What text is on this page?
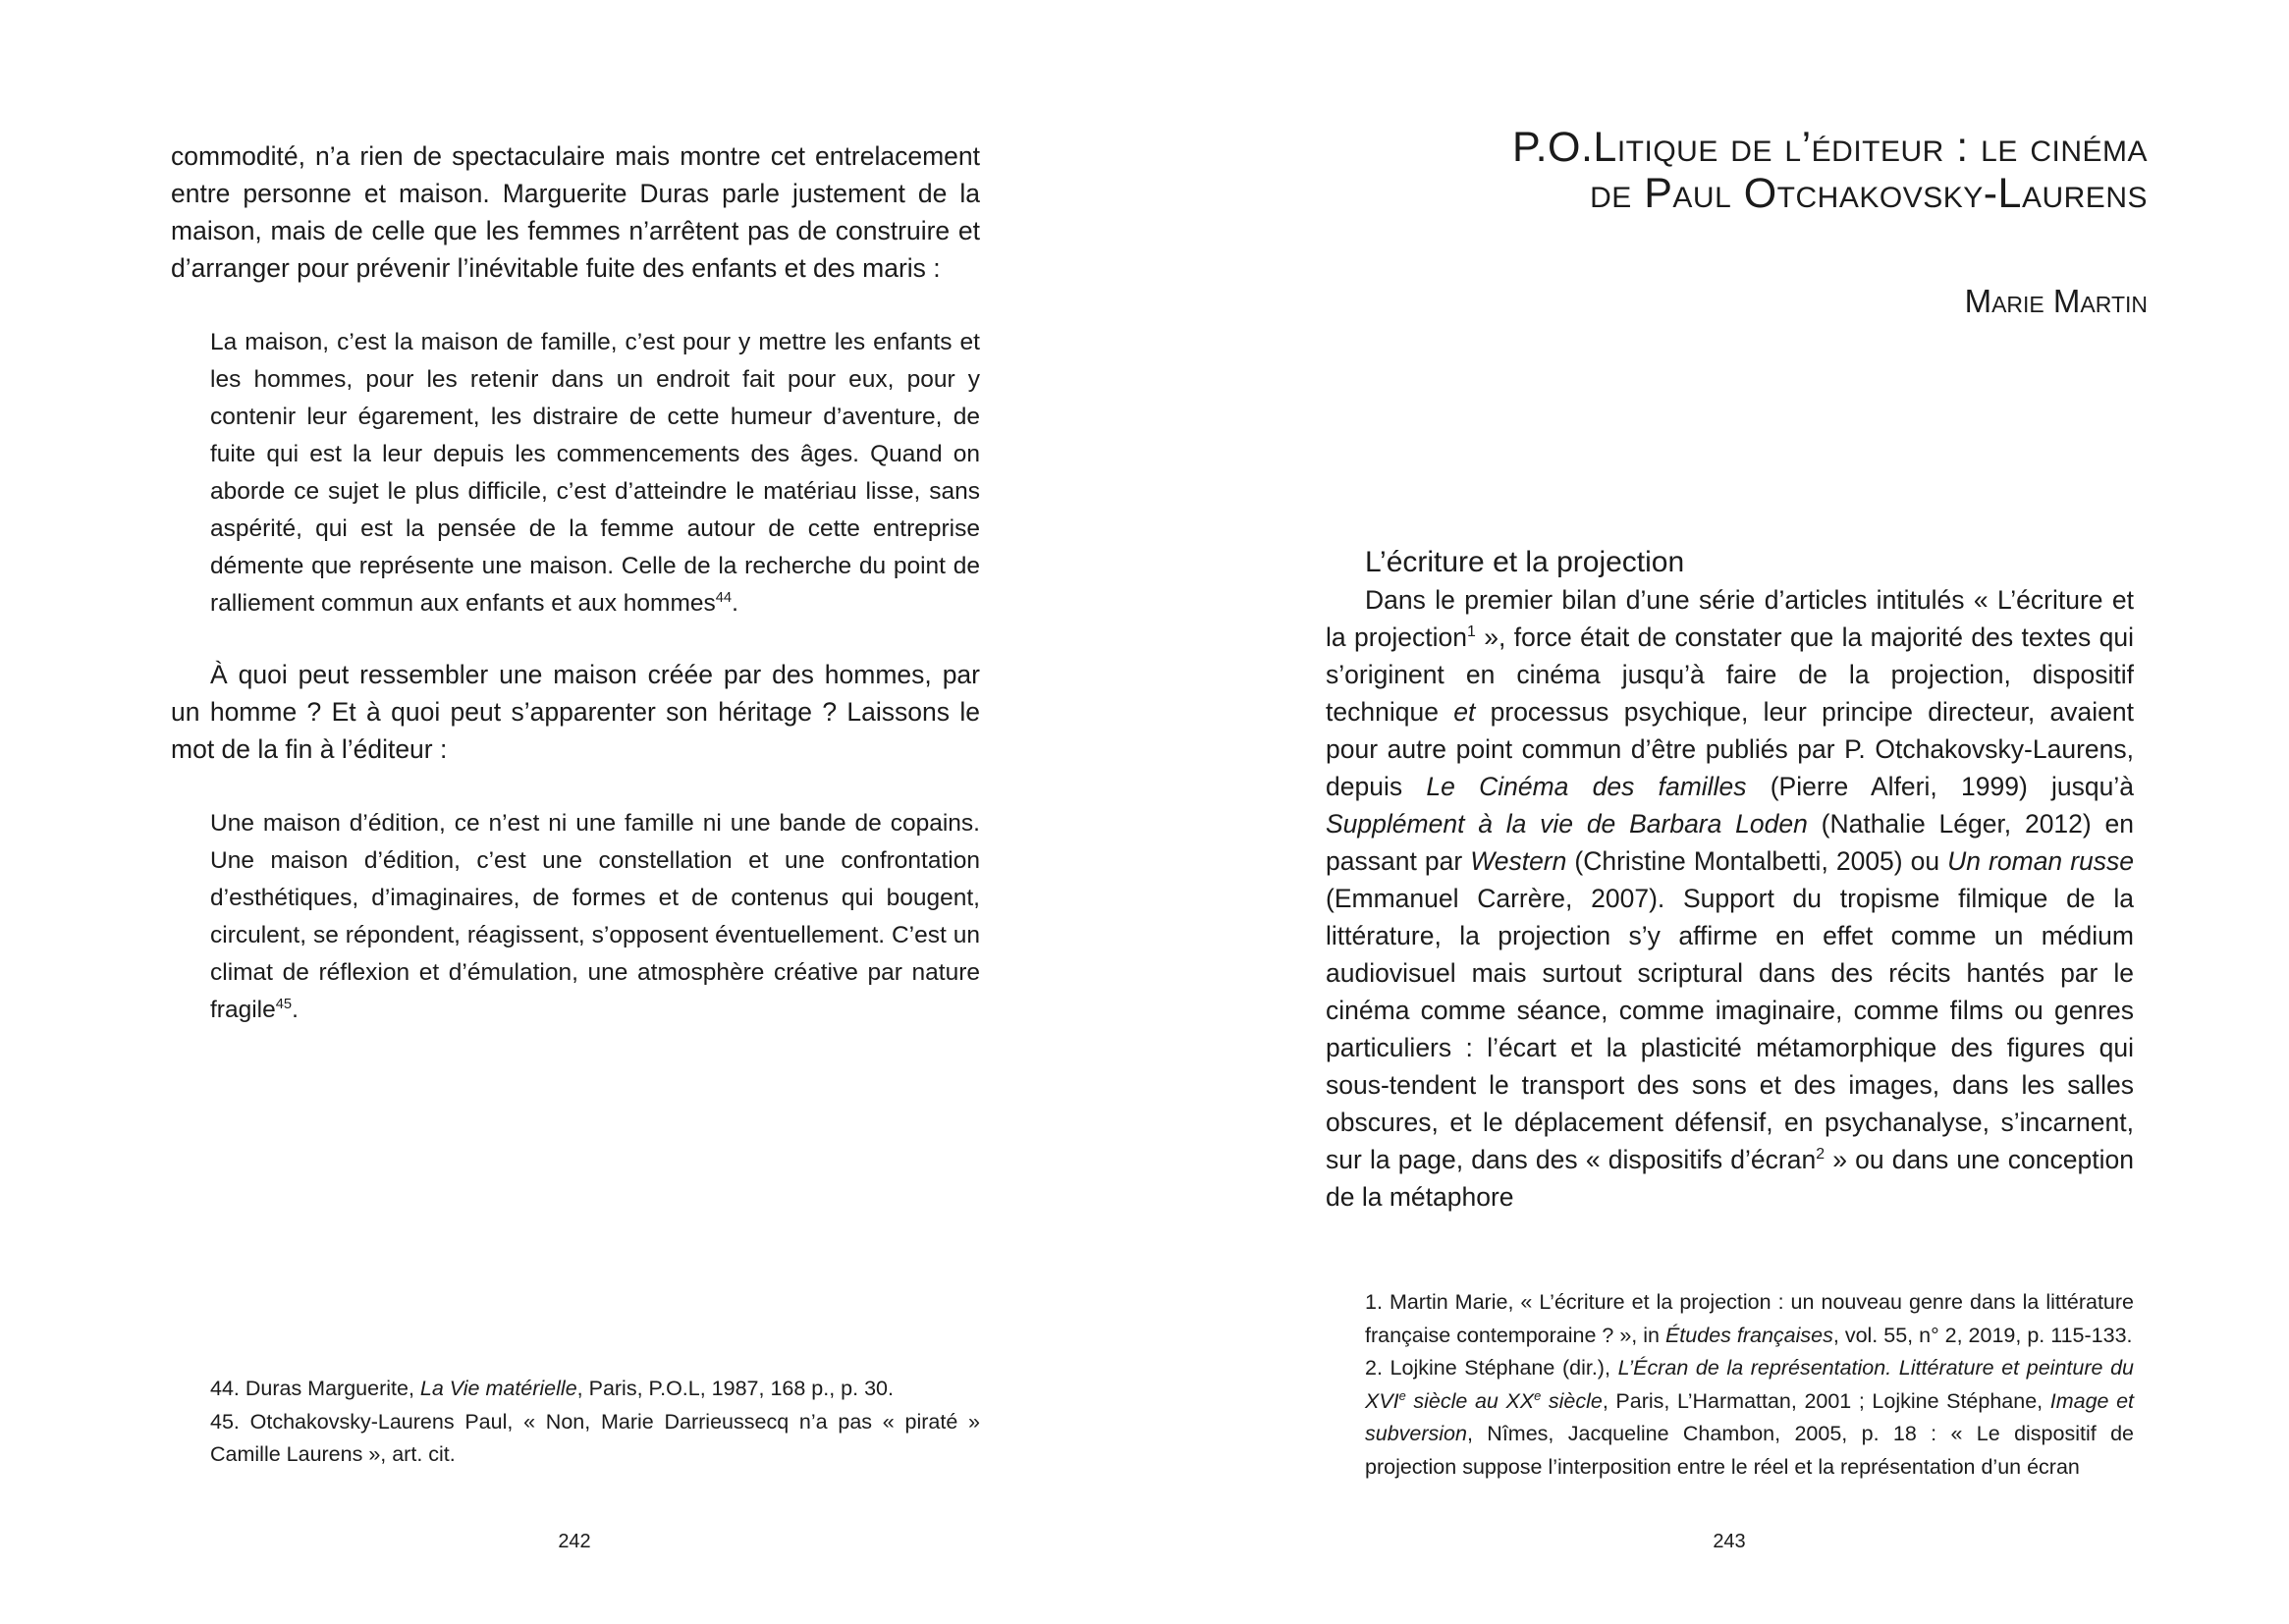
commodité, n’a rien de spectaculaire mais montre cet entrelacement entre personne et maison. Marguerite Duras parle justement de la maison, mais de celle que les femmes n’arrêtent pas de construire et d’arranger pour prévenir l’inévitable fuite des enfants et des maris :

La maison, c’est la maison de famille, c’est pour y mettre les enfants et les hommes, pour les retenir dans un endroit fait pour eux, pour y contenir leur égarement, les distraire de cette humeur d’aventure, de fuite qui est la leur depuis les commencements des âges. Quand on aborde ce sujet le plus difficile, c’est d’atteindre le matériau lisse, sans aspérité, qui est la pensée de la femme autour de cette entreprise démente que représente une maison. Celle de la recherche du point de ralliement commun aux enfants et aux hommes$^{44}$.

À quoi peut ressembler une maison créée par des hommes, par un homme ? Et à quoi peut s’apparenter son héritage ? Laissons le mot de la fin à l’éditeur :

Une maison d’édition, ce n’est ni une famille ni une bande de copains. Une maison d’édition, c’est une constellation et une confrontation d’esthétiques, d’imaginaires, de formes et de contenus qui bougent, circulent, se répondent, réagissent, s’opposent éventuellement. C’est un climat de réflexion et d’émulation, une atmosphère créative par nature fragile$^{45}$.

44. Duras Marguerite, La Vie matérielle, Paris, P.O.L, 1987, 168 p., p. 30.

45. Otchakovsky-Laurens Paul, « Non, Marie Darrieussecq n’a pas « piraté » Camille Laurens », art. cit.

242
P.O.Litique de l’éditeur : le cinéma
de Paul Otchakovsky-Laurens

Marie Martin

L’écriture et la projection

Dans le premier bilan d’une série d’articles intitulés « L’écriture et la projection$^1$ », force était de constater que la majorité des textes qui s’originent en cinéma jusqu’à faire de la projection, dispositif technique et processus psychique, leur principe directeur, avaient pour autre point commun d’être publiés par P. Otchakovsky-Laurens, depuis Le Cinéma des familles (Pierre Alferi, 1999) jusqu’à Supplément à la vie de Barbara Loden (Nathalie Léger, 2012) en passant par Western (Christine Montalbetti, 2005) ou Un roman russe (Emmanuel Carrère, 2007). Support du tropisme filmique de la littérature, la projection s’y affirme en effet comme un médium audiovisuel mais surtout scriptural dans des récits hantés par le cinéma comme séance, comme imaginaire, comme films ou genres particuliers : l’écart et la plasticité métamorphique des figures qui sous-tendent le transport des sons et des images, dans les salles obscures, et le déplacement défensif, en psychanalyse, s’incarnent, sur la page, dans des « dispositifs d’écran$^2$ » ou dans une conception de la métaphore

1. Martin Marie, « L’écriture et la projection : un nouveau genre dans la littérature française contemporaine ? », in Études françaises, vol. 55, n° 2, 2019, p. 115-133.

2. Lojkine Stéphane (dir.), L’Écran de la représentation. Littérature et peinture du XVIe siècle au XXe siècle, Paris, L’Harmattan, 2001 ; Lojkine Stéphane, Image et subversion, Nîmes, Jacqueline Chambon, 2005, p. 18 : « Le dispositif de projection suppose l’interposition entre le réel et la représentation d’un écran

243
